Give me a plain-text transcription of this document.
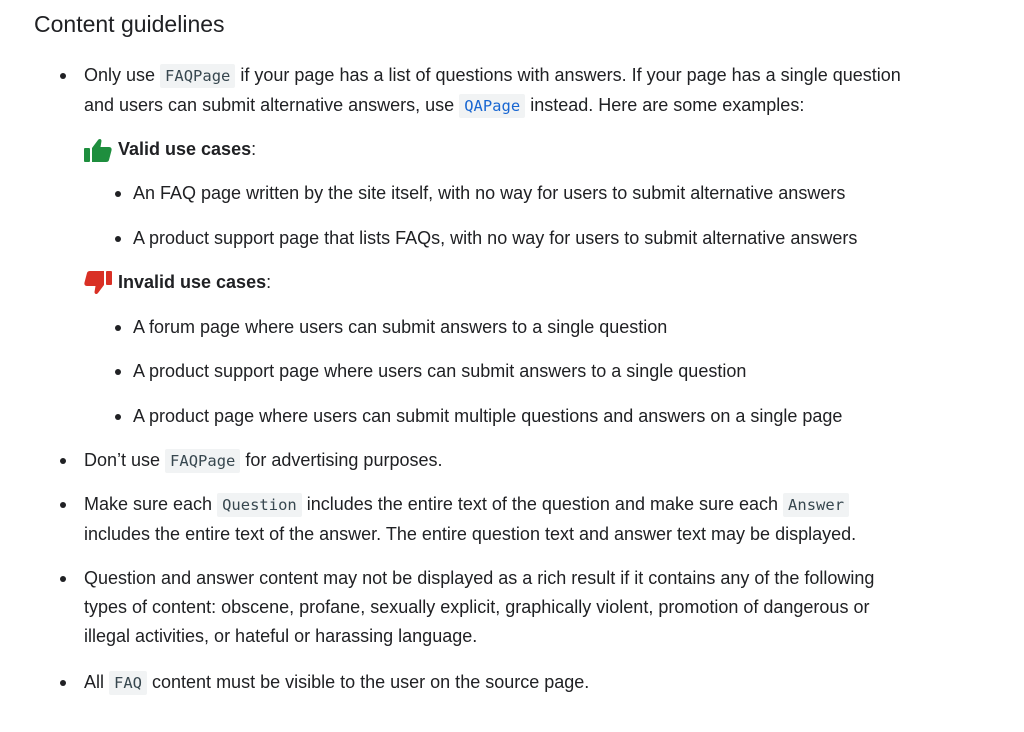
Content guidelines
Only use FAQPage if your page has a list of questions with answers. If your page has a single question
and users can submit alternative answers, use QAPage instead. Here are some examples:
Valid use cases :
An FAQ page written by the site itself, with no way for users to submit alternative answers
A product support page that lists FAQs, with no way for users to submit alternative answers
Invalid use cases :
A forum page where users can submit answers to a single question
A product support page where users can submit answers to a single question
A product page where users can submit multiple questions and answers on a single page
Don’t use FAQPage for advertising purposes.
Make sure each Question includes the entire text of the question and make sure each Answer
includes the entire text of the answer. The entire question text and answer text may be displayed.
Question and answer content may not be displayed as a rich result if it contains any of the following
types of content: obscene, profane, sexually explicit, graphically violent, promotion of dangerous or
illegal activities, or hateful or harassing language.
All FAQ content must be visible to the user on the source page.
